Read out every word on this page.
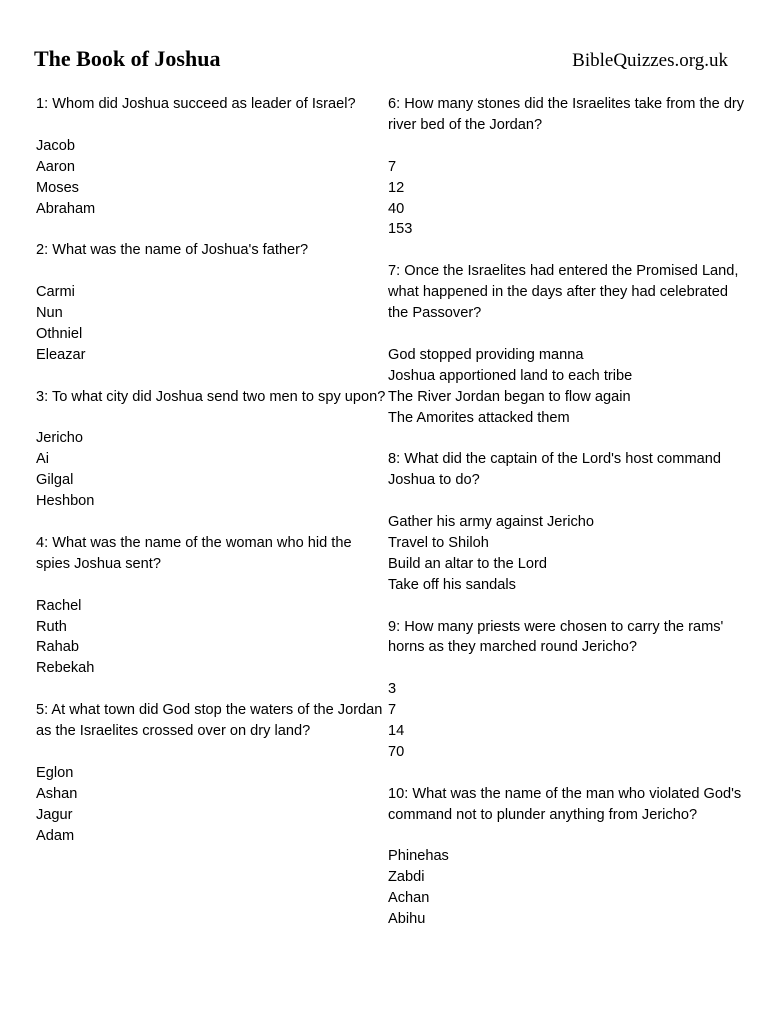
The Book of Joshua	BibleQuizzes.org.uk

1: Whom did Joshua succeed as leader of Israel?

Jacob
Aaron
Moses
Abraham

2: What was the name of Joshua's father?

Carmi
Nun
Othniel
Eleazar

3: To what city did Joshua send two men to spy upon?

Jericho
Ai
Gilgal
Heshbon

4: What was the name of the woman who hid the spies Joshua sent?

Rachel
Ruth
Rahab
Rebekah

5: At what town did God stop the waters of the Jordan as the Israelites crossed over on dry land?

Eglon
Ashan
Jagur
Adam

6: How many stones did the Israelites take from the dry river bed of the Jordan?

7
12
40
153

7: Once the Israelites had entered the Promised Land, what happened in the days after they had celebrated the Passover?

God stopped providing manna
Joshua apportioned land to each tribe
The River Jordan began to flow again
The Amorites attacked them

8: What did the captain of the Lord's host command Joshua to do?

Gather his army against Jericho
Travel to Shiloh
Build an altar to the Lord
Take off his sandals

9: How many priests were chosen to carry the rams' horns as they marched round Jericho?

3
7
14
70

10: What was the name of the man who violated God's command not to plunder anything from Jericho?

Phinehas
Zabdi
Achan
Abihu
